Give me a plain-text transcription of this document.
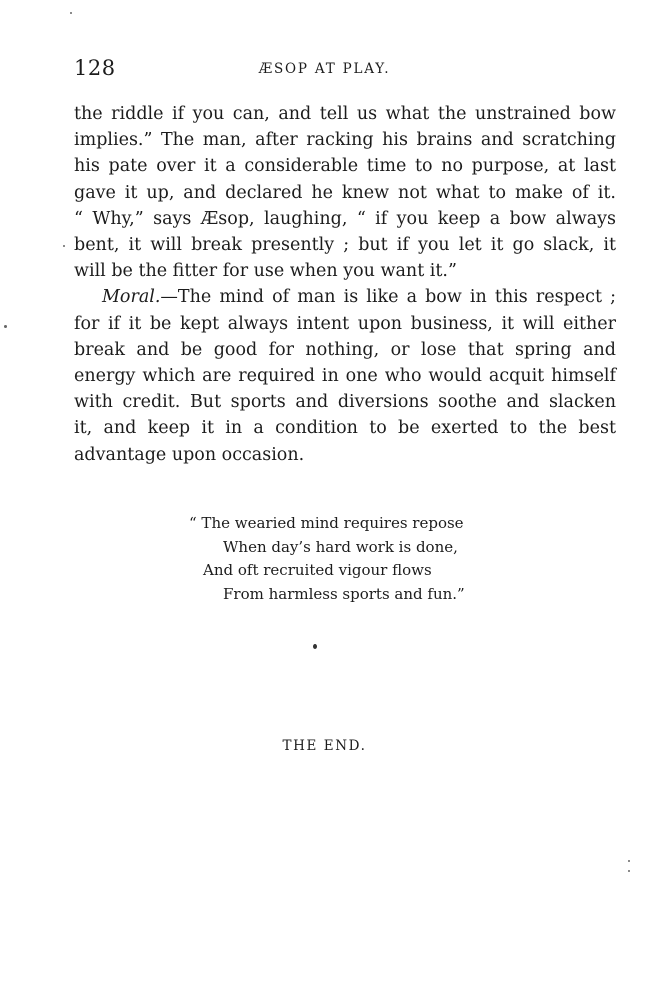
128	ÆSOP AT PLAY.

the riddle if you can, and tell us what the unstrained bow
implies.” The man, after racking his brains and scratching
his pate over it a considerable time to no purpose, at last
gave it up, and declared he knew not what to make of it.
“ Why,” says Æsop, laughing, “ if you keep a bow always
bent, it will break presently ; but if you let it go slack, it
will be the fitter for use when you want it.”

Moral.—The mind of man is like a bow in this respect ;
for if it be kept always intent upon business, it will either
break and be good for nothing, or lose that spring and
energy which are required in one who would acquit himself
with credit. But sports and diversions soothe and slacken
it, and keep it in a condition to be exerted to the best
advantage upon occasion.

“ The wearied mind requires repose
When day’s hard work is done,
And oft recruited vigour flows
From harmless sports and fun.”
THE END.
